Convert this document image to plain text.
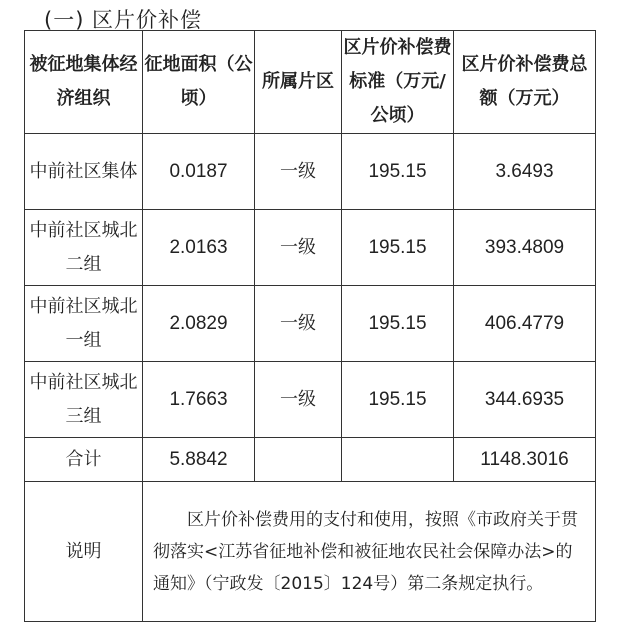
(一) 区片价补偿
被征地集体经济组织	征地面积（公顷）	所属片区	区片价补偿费标准（万元/公顷）	区片价补偿费总额（万元）
中前社区集体	0.0187	一级	195.15	3.6493
中前社区城北二组	2.0163	一级	195.15	393.4809
中前社区城北一组	2.0829	一级	195.15	406.4779
中前社区城北三组	1.7663	一级	195.15	344.6935
合计	5.8842			1148.3016
说明	区片价补偿费用的支付和使用，按照《市政府关于贯彻落实<江苏省征地补偿和被征地农民社会保障办法>的通知》（宁政发〔2015〕124号）第二条规定执行。			
